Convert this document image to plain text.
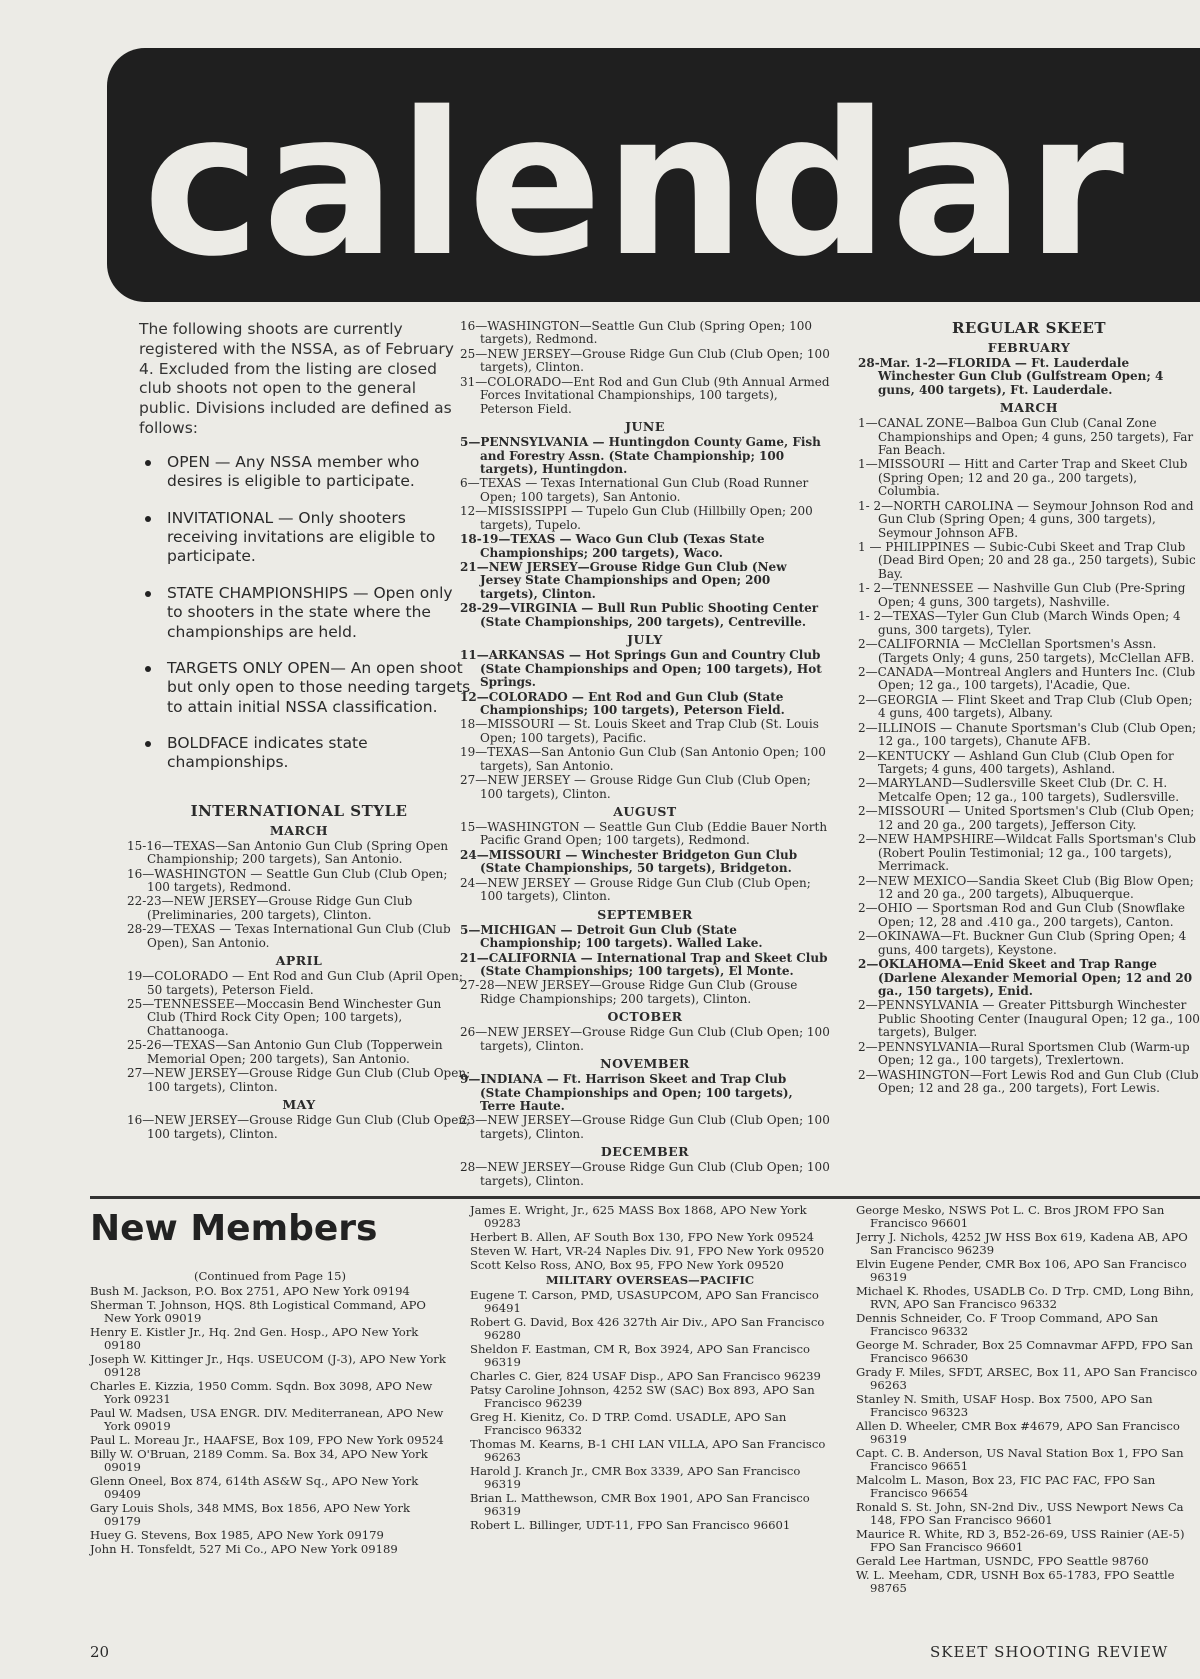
calendar
The following shoots are currently registered with the NSSA, as of February 4. Excluded from the listing are closed club shoots not open to the general public. Divisions included are defined as follows:
OPEN — Any NSSA member who desires is eligible to participate.
INVITATIONAL — Only shooters receiving invitations are eligible to participate.
STATE CHAMPIONSHIPS — Open only to shooters in the state where the championships are held.
TARGETS ONLY OPEN— An open shoot but only open to those needing targets to attain initial NSSA classification.
BOLDFACE indicates state championships.
INTERNATIONAL STYLE
MARCH
15-16—TEXAS—San Antonio Gun Club (Spring Open Championship; 200 targets), San Antonio.
16—WASHINGTON — Seattle Gun Club (Club Open; 100 targets), Redmond.
22-23—NEW JERSEY—Grouse Ridge Gun Club (Preliminaries, 200 targets), Clinton.
28-29—TEXAS — Texas International Gun Club (Club Open), San Antonio.
APRIL
19—COLORADO — Ent Rod and Gun Club (April Open; 50 targets), Peterson Field.
25—TENNESSEE—Moccasin Bend Winchester Gun Club (Third Rock City Open; 100 targets), Chattanooga.
25-26—TEXAS—San Antonio Gun Club (Topperwein Memorial Open; 200 targets), San Antonio.
27—NEW JERSEY—Grouse Ridge Gun Club (Club Open; 100 targets), Clinton.
MAY
16—NEW JERSEY—Grouse Ridge Gun Club (Club Open; 100 targets), Clinton.
16—WASHINGTON—Seattle Gun Club (Spring Open; 100 targets), Redmond.
25—NEW JERSEY—Grouse Ridge Gun Club (Club Open; 100 targets), Clinton.
31—COLORADO—Ent Rod and Gun Club (9th Annual Armed Forces Invitational Championships, 100 targets), Peterson Field.
JUNE
5—PENNSYLVANIA — Huntingdon County Game, Fish and Forestry Assn. (State Championship; 100 targets), Huntingdon.
6—TEXAS — Texas International Gun Club (Road Runner Open; 100 targets), San Antonio.
12—MISSISSIPPI — Tupelo Gun Club (Hillbilly Open; 200 targets), Tupelo.
18-19—TEXAS — Waco Gun Club (Texas State Championships; 200 targets), Waco.
21—NEW JERSEY—Grouse Ridge Gun Club (New Jersey State Championships and Open; 200 targets), Clinton.
28-29—VIRGINIA — Bull Run Public Shooting Center (State Championships, 200 targets), Centreville.
JULY
11—ARKANSAS — Hot Springs Gun and Country Club (State Championships and Open; 100 targets), Hot Springs.
12—COLORADO — Ent Rod and Gun Club (State Championships; 100 targets), Peterson Field.
18—MISSOURI — St. Louis Skeet and Trap Club (St. Louis Open; 100 targets), Pacific.
19—TEXAS—San Antonio Gun Club (San Antonio Open; 100 targets), San Antonio.
27—NEW JERSEY — Grouse Ridge Gun Club (Club Open; 100 targets), Clinton.
AUGUST
15—WASHINGTON — Seattle Gun Club (Eddie Bauer North Pacific Grand Open; 100 targets), Redmond.
24—MISSOURI — Winchester Bridgeton Gun Club (State Championships, 50 targets), Bridgeton.
24—NEW JERSEY — Grouse Ridge Gun Club (Club Open; 100 targets), Clinton.
SEPTEMBER
5—MICHIGAN — Detroit Gun Club (State Championship; 100 targets). Walled Lake.
21—CALIFORNIA — International Trap and Skeet Club (State Championships; 100 targets), El Monte.
27-28—NEW JERSEY—Grouse Ridge Gun Club (Grouse Ridge Championships; 200 targets), Clinton.
OCTOBER
26—NEW JERSEY—Grouse Ridge Gun Club (Club Open; 100 targets), Clinton.
NOVEMBER
9—INDIANA — Ft. Harrison Skeet and Trap Club (State Championships and Open; 100 targets), Terre Haute.
23—NEW JERSEY—Grouse Ridge Gun Club (Club Open; 100 targets), Clinton.
DECEMBER
28—NEW JERSEY—Grouse Ridge Gun Club (Club Open; 100 targets), Clinton.
REGULAR SKEET
FEBRUARY
28-Mar. 1-2—FLORIDA — Ft. Lauderdale Winchester Gun Club (Gulfstream Open; 4 guns, 400 targets), Ft. Lauderdale.
MARCH
1—CANAL ZONE—Balboa Gun Club (Canal Zone Championships and Open; 4 guns, 250 targets), Far Fan Beach.
1—MISSOURI — Hitt and Carter Trap and Skeet Club (Spring Open; 12 and 20 ga., 200 targets), Columbia.
1- 2—NORTH CAROLINA — Seymour Johnson Rod and Gun Club (Spring Open; 4 guns, 300 targets), Seymour Johnson AFB.
1 — PHILIPPINES — Subic-Cubi Skeet and Trap Club (Dead Bird Open; 20 and 28 ga., 250 targets), Subic Bay.
1- 2—TENNESSEE — Nashville Gun Club (Pre-Spring Open; 4 guns, 300 targets), Nashville.
1- 2—TEXAS—Tyler Gun Club (March Winds Open; 4 guns, 300 targets), Tyler.
2—CALIFORNIA — McClellan Sportsmen's Assn. (Targets Only; 4 guns, 250 targets), McClellan AFB.
2—CANADA—Montreal Anglers and Hunters Inc. (Club Open; 12 ga., 100 targets), l'Acadie, Que.
2—GEORGIA — Flint Skeet and Trap Club (Club Open; 4 guns, 400 targets), Albany.
2—ILLINOIS — Chanute Sportsman's Club (Club Open; 12 ga., 100 targets), Chanute AFB.
2—KENTUCKY — Ashland Gun Club (Club Open for Targets; 4 guns, 400 targets), Ashland.
2—MARYLAND—Sudlersville Skeet Club (Dr. C. H. Metcalfe Open; 12 ga., 100 targets), Sudlersville.
2—MISSOURI — United Sportsmen's Club (Club Open; 12 and 20 ga., 200 targets), Jefferson City.
2—NEW HAMPSHIRE—Wildcat Falls Sportsman's Club (Robert Poulin Testimonial; 12 ga., 100 targets), Merrimack.
2—NEW MEXICO—Sandia Skeet Club (Big Blow Open; 12 and 20 ga., 200 targets), Albuquerque.
2—OHIO — Sportsman Rod and Gun Club (Snowflake Open; 12, 28 and .410 ga., 200 targets), Canton.
2—OKINAWA—Ft. Buckner Gun Club (Spring Open; 4 guns, 400 targets), Keystone.
2—OKLAHOMA—Enid Skeet and Trap Range (Darlene Alexander Memorial Open; 12 and 20 ga., 150 targets), Enid.
2—PENNSYLVANIA — Greater Pittsburgh Winchester Public Shooting Center (Inaugural Open; 12 ga., 100 targets), Bulger.
2—PENNSYLVANIA—Rural Sportsmen Club (Warm-up Open; 12 ga., 100 targets), Trexlertown.
2—WASHINGTON—Fort Lewis Rod and Gun Club (Club Open; 12 and 28 ga., 200 targets), Fort Lewis.
New Members
(Continued from Page 15)
Bush M. Jackson, P.O. Box 2751, APO New York 09194
Sherman T. Johnson, HQS. 8th Logistical Command, APO New York 09019
Henry E. Kistler Jr., Hq. 2nd Gen. Hosp., APO New York 09180
Joseph W. Kittinger Jr., Hqs. USEUCOM (J-3), APO New York 09128
Charles E. Kizzia, 1950 Comm. Sqdn. Box 3098, APO New York 09231
Paul W. Madsen, USA ENGR. DIV. Mediterranean, APO New York 09019
Paul L. Moreau Jr., HAAFSE, Box 109, FPO New York 09524
Billy W. O'Bruan, 2189 Comm. Sa. Box 34, APO New York 09019
Glenn Oneel, Box 874, 614th AS&W Sq., APO New York 09409
Gary Louis Shols, 348 MMS, Box 1856, APO New York 09179
Huey G. Stevens, Box 1985, APO New York 09179
John H. Tonsfeldt, 527 Mi Co., APO New York 09189
James E. Wright, Jr., 625 MASS Box 1868, APO New York 09283
Herbert B. Allen, AF South Box 130, FPO New York 09524
Steven W. Hart, VR-24 Naples Div. 91, FPO New York 09520
Scott Kelso Ross, ANO, Box 95, FPO New York 09520
MILITARY OVERSEAS—PACIFIC
Eugene T. Carson, PMD, USASUPCOM, APO San Francisco 96491
Robert G. David, Box 426 327th Air Div., APO San Francisco 96280
Sheldon F. Eastman, CM R, Box 3924, APO San Francisco 96319
Charles C. Gier, 824 USAF Disp., APO San Francisco 96239
Patsy Caroline Johnson, 4252 SW (SAC) Box 893, APO San Francisco 96239
Greg H. Kienitz, Co. D TRP. Comd. USADLE, APO San Francisco 96332
Thomas M. Kearns, B-1 CHI LAN VILLA, APO San Francisco 96263
Harold J. Kranch Jr., CMR Box 3339, APO San Francisco 96319
Brian L. Matthewson, CMR Box 1901, APO San Francisco 96319
Robert L. Billinger, UDT-11, FPO San Francisco 96601
George Mesko, NSWS Pot L. C. Bros JROM FPO San Francisco 96601
Jerry J. Nichols, 4252 JW HSS Box 619, Kadena AB, APO San Francisco 96239
Elvin Eugene Pender, CMR Box 106, APO San Francisco 96319
Michael K. Rhodes, USADLB Co. D Trp. CMD, Long Bihn, RVN, APO San Francisco 96332
Dennis Schneider, Co. F Troop Command, APO San Francisco 96332
George M. Schrader, Box 25 Comnavmar AFPD, FPO San Francisco 96630
Grady F. Miles, SFDT, ARSEC, Box 11, APO San Francisco 96263
Stanley N. Smith, USAF Hosp. Box 7500, APO San Francisco 96323
Allen D. Wheeler, CMR Box #4679, APO San Francisco 96319
Capt. C. B. Anderson, US Naval Station Box 1, FPO San Francisco 96651
Malcolm L. Mason, Box 23, FIC PAC FAC, FPO San Francisco 96654
Ronald S. St. John, SN-2nd Div., USS Newport News Ca 148, FPO San Francisco 96601
Maurice R. White, RD 3, B52-26-69, USS Rainier (AE-5) FPO San Francisco 96601
Gerald Lee Hartman, USNDC, FPO Seattle 98760
W. L. Meeham, CDR, USNH Box 65-1783, FPO Seattle 98765
20	SKEET SHOOTING REVIEW
